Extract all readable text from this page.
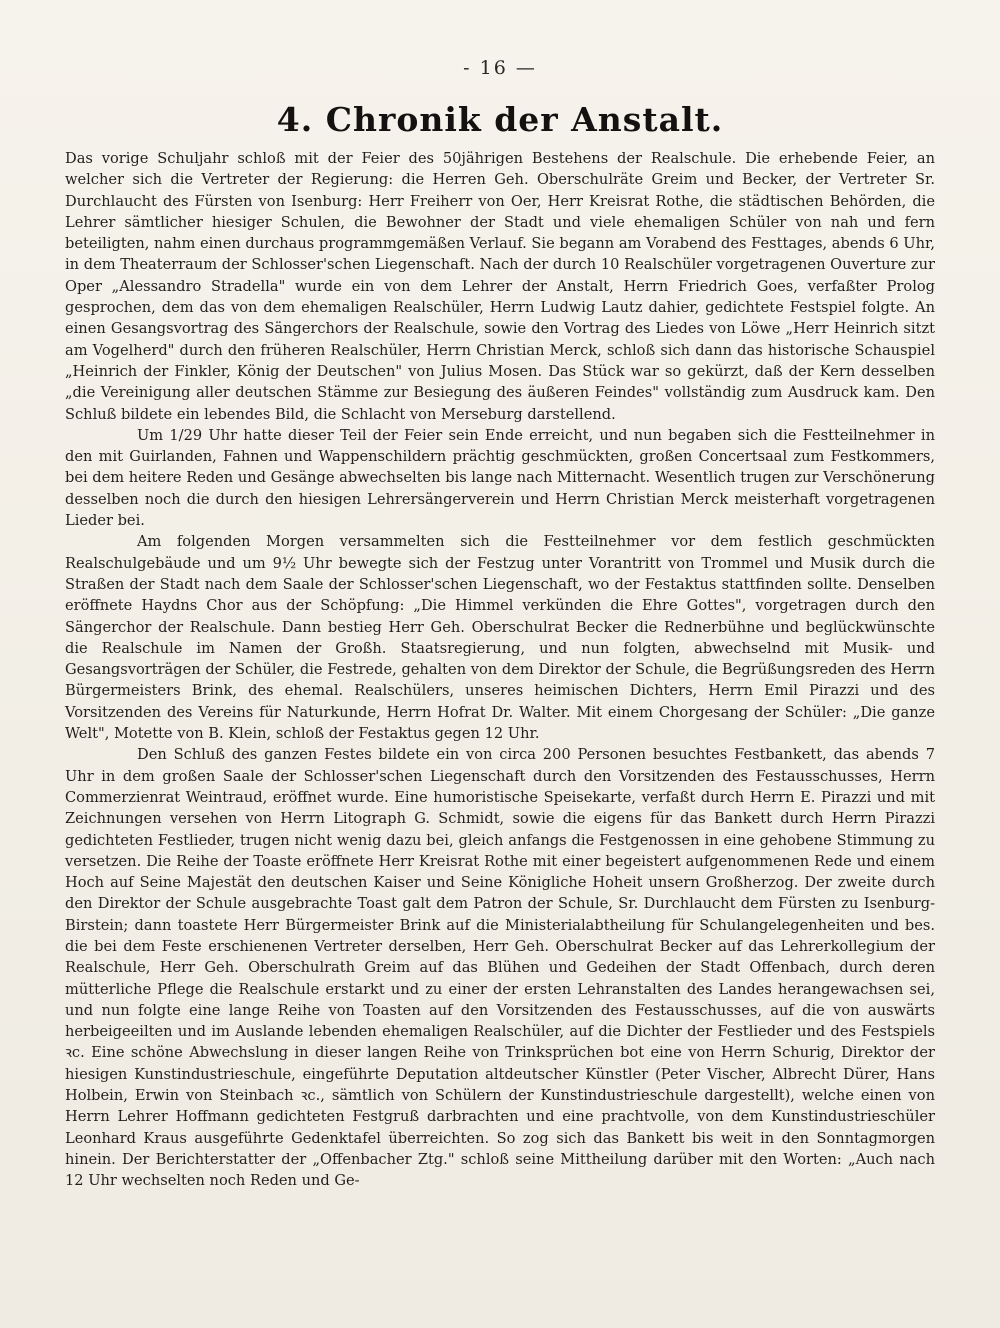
- 16 —
4. Chronik der Anstalt.

Das vorige Schuljahr schloß mit der Feier des 50jährigen Bestehens der Realschule. Die erhebende Feier, an welcher sich die Vertreter der Regierung: die Herren Geh. Oberschulräte Greim und Becker, der Vertreter Sr. Durchlaucht des Fürsten von Isenburg: Herr Freiherr von Oer, Herr Kreisrat Rothe, die städtischen Behörden, die Lehrer sämtlicher hiesiger Schulen, die Bewohner der Stadt und viele ehemaligen Schüler von nah und fern beteiligten, nahm einen durchaus programmgemäßen Verlauf. Sie begann am Vorabend des Festtages, abends 6 Uhr, in dem Theaterraum der Schlosser'schen Liegenschaft. Nach der durch 10 Realschüler vorgetragenen Ouverture zur Oper „Alessandro Stradella" wurde ein von dem Lehrer der Anstalt, Herrn Friedrich Goes, verfaßter Prolog gesprochen, dem das von dem ehemaligen Realschüler, Herrn Ludwig Lautz dahier, gedichtete Festspiel folgte. An einen Gesangsvortrag des Sängerchors der Realschule, sowie den Vortrag des Liedes von Löwe „Herr Heinrich sitzt am Vogelherd" durch den früheren Realschüler, Herrn Christian Merck, schloß sich dann das historische Schauspiel „Heinrich der Finkler, König der Deutschen" von Julius Mosen. Das Stück war so gekürzt, daß der Kern desselben „die Vereinigung aller deutschen Stämme zur Besiegung des äußeren Feindes" vollständig zum Ausdruck kam. Den Schluß bildete ein lebendes Bild, die Schlacht von Merseburg darstellend.

Um 1/29 Uhr hatte dieser Teil der Feier sein Ende erreicht, und nun begaben sich die Festteilnehmer in den mit Guirlanden, Fahnen und Wappenschildern prächtig geschmückten, großen Concertsaal zum Festkommers, bei dem heitere Reden und Gesänge abwechselten bis lange nach Mitternacht. Wesentlich trugen zur Verschönerung desselben noch die durch den hiesigen Lehrersängerverein und Herrn Christian Merck meisterhaft vorgetragenen Lieder bei.

Am folgenden Morgen versammelten sich die Festteilnehmer vor dem festlich geschmückten Realschulgebäude und um 9½ Uhr bewegte sich der Festzug unter Vorantritt von Trommel und Musik durch die Straßen der Stadt nach dem Saale der Schlosser'schen Liegenschaft, wo der Festaktus stattfinden sollte. Denselben eröffnete Haydns Chor aus der Schöpfung: „Die Himmel verkünden die Ehre Gottes", vorgetragen durch den Sängerchor der Realschule. Dann bestieg Herr Geh. Oberschulrat Becker die Rednerbühne und beglückwünschte die Realschule im Namen der Großh. Staatsregierung, und nun folgten, abwechselnd mit Musik- und Gesangsvorträgen der Schüler, die Festrede, gehalten von dem Direktor der Schule, die Begrüßungsreden des Herrn Bürgermeisters Brink, des ehemal. Realschülers, unseres heimischen Dichters, Herrn Emil Pirazzi und des Vorsitzenden des Vereins für Naturkunde, Herrn Hofrat Dr. Walter. Mit einem Chorgesang der Schüler: „Die ganze Welt", Motette von B. Klein, schloß der Festaktus gegen 12 Uhr.

Den Schluß des ganzen Festes bildete ein von circa 200 Personen besuchtes Festbankett, das abends 7 Uhr in dem großen Saale der Schlosser'schen Liegenschaft durch den Vorsitzenden des Festausschusses, Herrn Commerzienrat Weintraud, eröffnet wurde. Eine humoristische Speisekarte, verfaßt durch Herrn E. Pirazzi und mit Zeichnungen versehen von Herrn Litograph G. Schmidt, sowie die eigens für das Bankett durch Herrn Pirazzi gedichteten Festlieder, trugen nicht wenig dazu bei, gleich anfangs die Festgenossen in eine gehobene Stimmung zu versetzen. Die Reihe der Toaste eröffnete Herr Kreisrat Rothe mit einer begeistert aufgenommenen Rede und einem Hoch auf Seine Majestät den deutschen Kaiser und Seine Königliche Hoheit unsern Großherzog. Der zweite durch den Direktor der Schule ausgebrachte Toast galt dem Patron der Schule, Sr. Durchlaucht dem Fürsten zu Isenburg-Birstein; dann toastete Herr Bürgermeister Brink auf die Ministerialabtheilung für Schulangelegenheiten und bes. die bei dem Feste erschienenen Vertreter derselben, Herr Geh. Oberschulrat Becker auf das Lehrerkollegium der Realschule, Herr Geh. Oberschulrath Greim auf das Blühen und Gedeihen der Stadt Offenbach, durch deren mütterliche Pflege die Realschule erstarkt und zu einer der ersten Lehranstalten des Landes herangewachsen sei, und nun folgte eine lange Reihe von Toasten auf den Vorsitzenden des Festausschusses, auf die von auswärts herbeigeeilten und im Auslande lebenden ehemaligen Realschüler, auf die Dichter der Festlieder und des Festspiels ꝛc. Eine schöne Abwechslung in dieser langen Reihe von Trinksprüchen bot eine von Herrn Schurig, Direktor der hiesigen Kunstindustrieschule, eingeführte Deputation altdeutscher Künstler (Peter Vischer, Albrecht Dürer, Hans Holbein, Erwin von Steinbach ꝛc., sämtlich von Schülern der Kunstindustrieschule dargestellt), welche einen von Herrn Lehrer Hoffmann gedichteten Festgruß darbrachten und eine prachtvolle, von dem Kunstindustrieschüler Leonhard Kraus ausgeführte Gedenktafel überreichten. So zog sich das Bankett bis weit in den Sonntagmorgen hinein. Der Berichterstatter der „Offenbacher Ztg." schloß seine Mittheilung darüber mit den Worten: „Auch nach 12 Uhr wechselten noch Reden und Ge-
